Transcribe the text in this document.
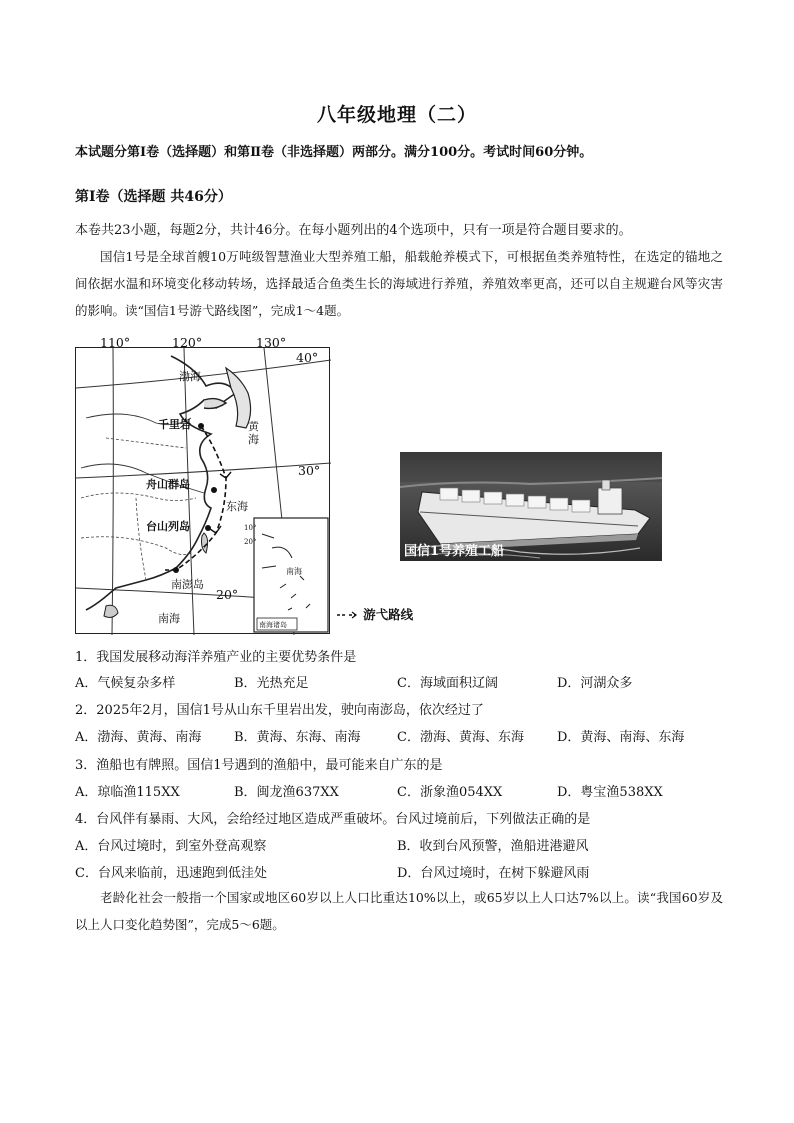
八年级地理（二）
本试题分第Ⅰ卷（选择题）和第Ⅱ卷（非选择题）两部分。满分100分。考试时间60分钟。
第Ⅰ卷（选择题 共46分）
本卷共23小题，每题2分，共计46分。在每小题列出的4个选项中，只有一项是符合题目要求的。
国信1号是全球首艘10万吨级智慧渔业大型养殖工船，船载舱养模式下，可根据鱼类养殖特性，在选定的锚地之间依据水温和环境变化移动转场，选择最适合鱼类生长的海域进行养殖，养殖效率更高，还可以自主规避台风等灾害的影响。读“国信1号游弋路线图”，完成1～4题。
110°	120°	130°
40°
30°
20°
渤海
千里岩	黄海
舟山群岛
东海
台山列岛
南澎岛
南海
南海
南海诸岛
20°
10°
游弋路线
国信1号养殖工船
1．我国发展移动海洋养殖产业的主要优势条件是
A．气候复杂多样	B．光热充足	C．海域面积辽阔	D．河湖众多
2．2025年2月，国信1号从山东千里岩出发，驶向南澎岛，依次经过了
A．渤海、黄海、南海	B．黄海、东海、南海	C．渤海、黄海、东海	D．黄海、南海、东海
3．渔船也有牌照。国信1号遇到的渔船中，最可能来自广东的是
A．琼临渔115XX	B．闽龙渔637XX	C．浙象渔054XX	D．粤宝渔538XX
4．台风伴有暴雨、大风，会给经过地区造成严重破坏。台风过境前后，下列做法正确的是
A．台风过境时，到室外登高观察	B．收到台风预警，渔船进港避风
C．台风来临前，迅速跑到低洼处	D．台风过境时，在树下躲避风雨
老龄化社会一般指一个国家或地区60岁以上人口比重达10%以上，或65岁以上人口达7%以上。读“我国60岁及以上人口变化趋势图”，完成5～6题。
